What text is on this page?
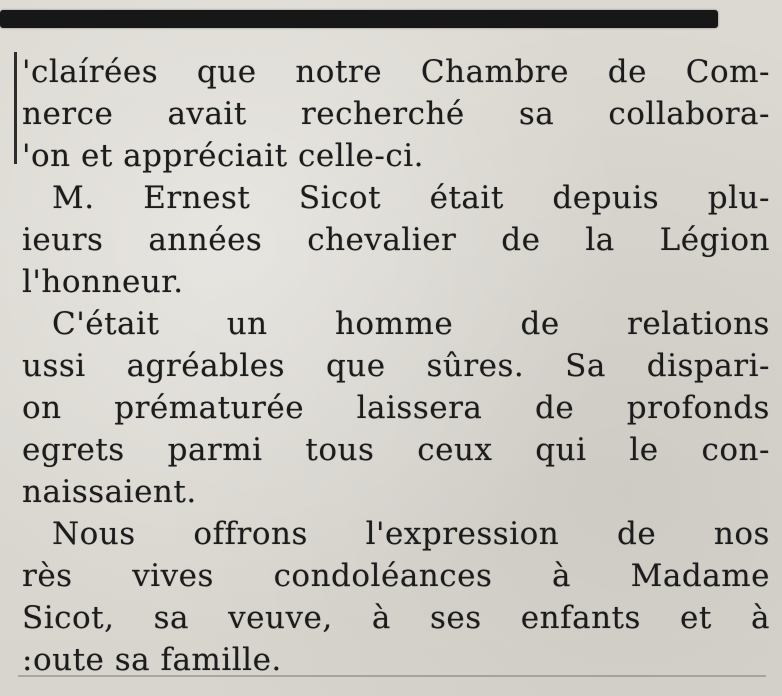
'claírées que notre Chambre de Com-
nerce avait recherché sa collabora-
'on et appréciait celle-ci.
M. Ernest Sicot était depuis plu-
ieurs années chevalier de la Légion
l'honneur.
C'était un homme de relations
ussi agréables que sûres. Sa dispari-
on prématurée laissera de profonds
egrets parmi tous ceux qui le con-
naissaient.
Nous offrons l'expression de nos
rès vives condoléances à Madame
Sicot, sa veuve, à ses enfants et à
:oute sa famille.
